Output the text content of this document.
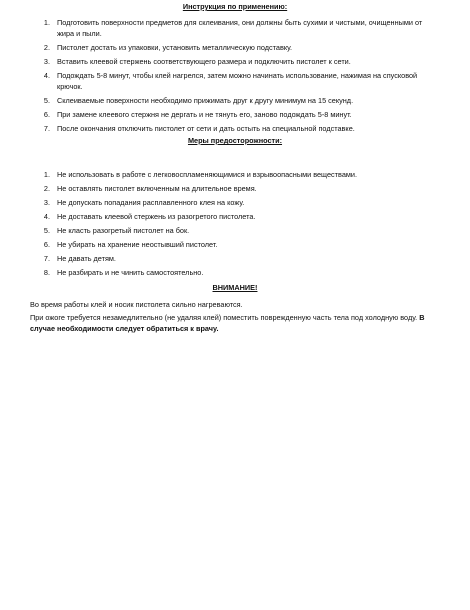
Инструкция по применению:
1. Подготовить поверхности предметов для склеивания, они должны быть сухими и чистыми, очищенными от жира и пыли.
2. Пистолет достать из упаковки, установить металлическую подставку.
3. Вставить клеевой стержень соответствующего размера и подключить пистолет к сети.
4. Подождать 5-8 минут, чтобы клей нагрелся, затем можно начинать использование, нажимая на спусковой крючок.
5. Склеиваемые поверхности необходимо прижимать друг к другу минимум на 15 секунд.
6. При замене клеевого стержня не дергать и не тянуть его, заново подождать 5-8 минут.
7. После окончания отключить пистолет от сети и дать остыть на специальной подставке.
Меры предосторожности:
1. Не использовать в работе с легковоспламеняющимися и взрывоопасными веществами.
2. Не оставлять пистолет включенным на длительное время.
3. Не допускать попадания расплавленного клея на кожу.
4. Не доставать клеевой стержень из разогретого пистолета.
5. Не класть разогретый пистолет на бок.
6. Не убирать на хранение неостывший пистолет.
7. Не давать детям.
8. Не разбирать и не чинить самостоятельно.
ВНИМАНИЕ!

Во время работы клей и носик пистолета сильно нагреваются.

При ожоге требуется незамедлительно (не удаляя клей) поместить поврежденную часть тела под холодную воду. В случае необходимости следует обратиться к врачу.
